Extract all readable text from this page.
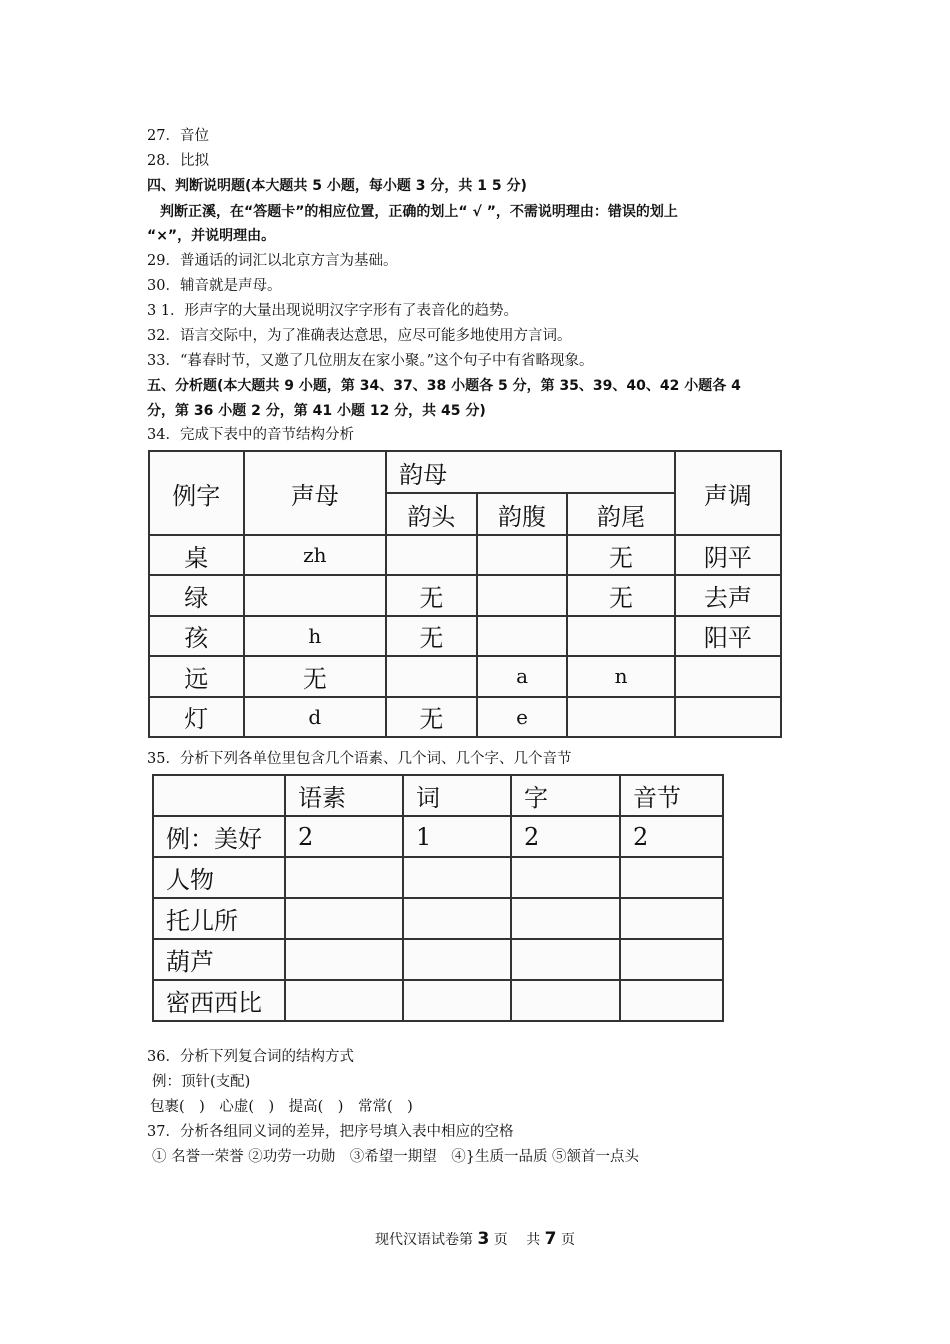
27．音位
28．比拟
四、判断说明题(本大题共 5 小题，每小题 3 分，共 1 5 分)
判断正溪，在“答题卡”的相应位置，正确的划上“ √ ”，不需说明理由：错误的划上
“×”，并说明理由。
29．普通话的词汇以北京方言为基础。
30．辅音就是声母。
3 1．形声字的大量出现说明汉字字形有了表音化的趋势。
32．语言交际中，为了准确表达意思，应尽可能多地使用方言词。
33．“暮春时节，又邀了几位朋友在家小聚。”这个句子中有省略现象。
五、分析题(本大题共 9 小题，第 34、37、38 小题各 5 分，第 35、39、40、42 小题各 4
分，第 36 小题 2 分，第 41 小题 12 分，共 45 分)
34．完成下表中的音节结构分析
例字	声母	韵母			声调
		韵头	韵腹	韵尾	
桌	zh			无	阴平
绿		无		无	去声
孩	h	无			阳平
远	无		a	n	
灯	d	无	e		
35．分析下列各单位里包含几个语素、几个词、几个字、几个音节
	语素	词	字	音节
例：美好	2	1	2	2
人物				
托儿所				
葫芦				
密西西比				
36．分析下列复合词的结构方式
例：顶针(支配)
包裹(　)　心虚(　)　提高(　)　常常(　)
37．分析各组同义词的差异，把序号填入表中相应的空格
① 名誉一荣誉 ②功劳一功勋　③希望一期望　④}生质一品质 ⑤颔首一点头
现代汉语试卷第 3 页　 共 7 页
